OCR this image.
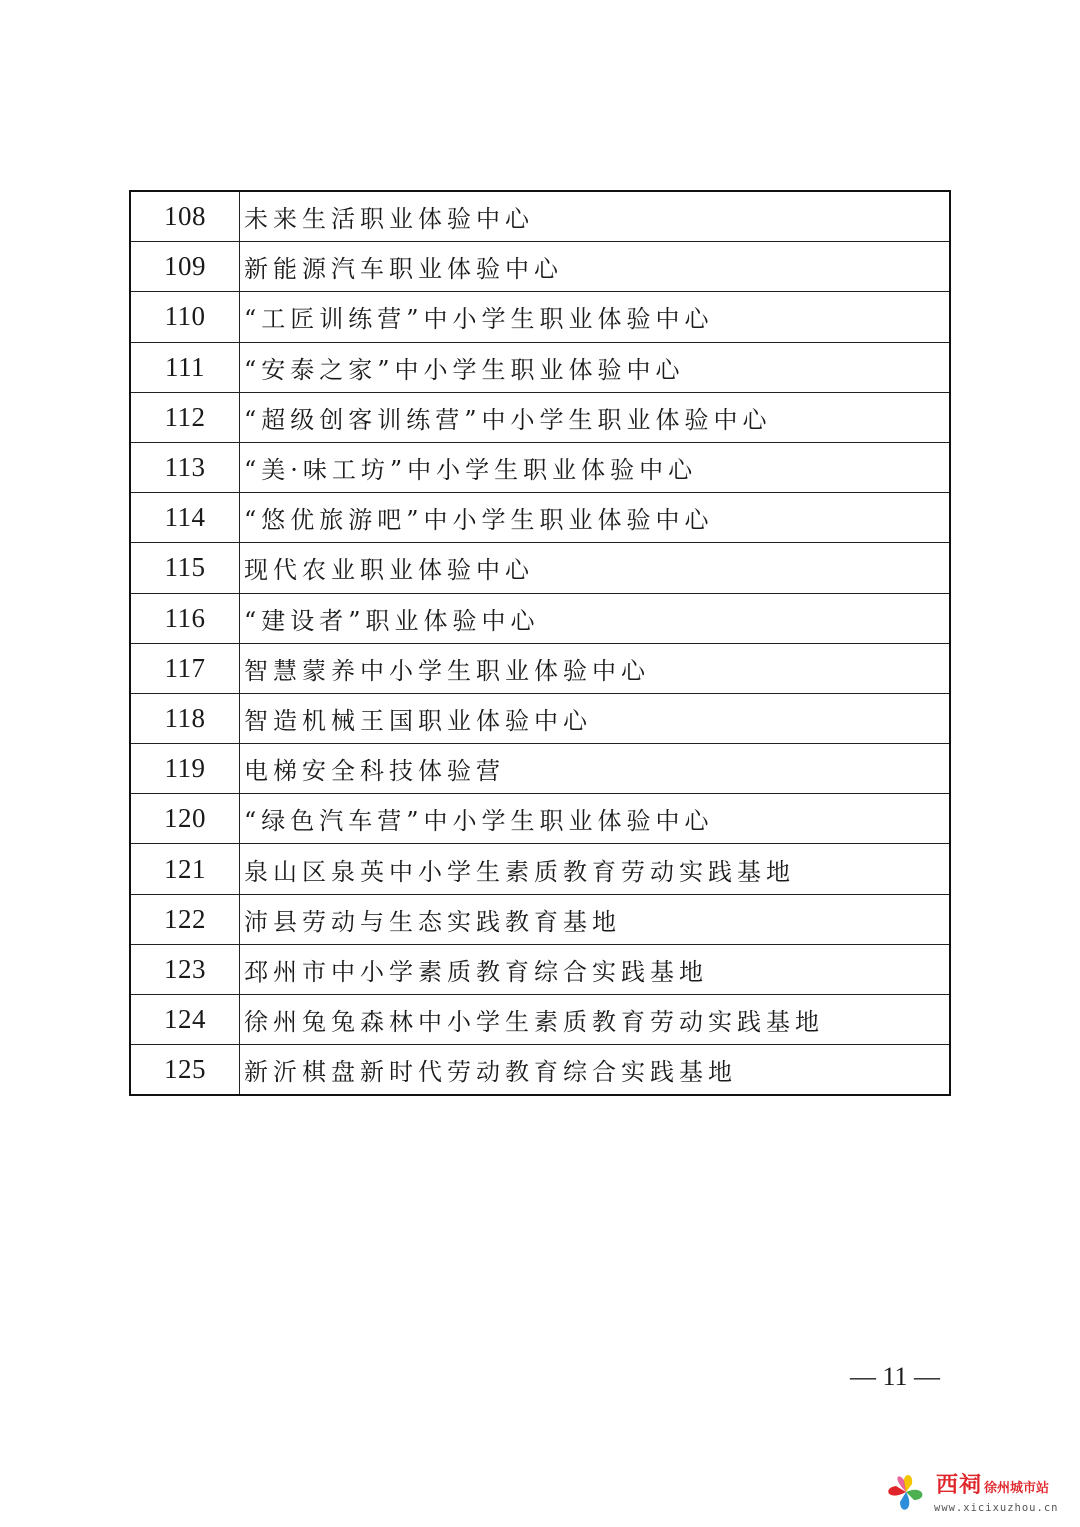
108	未来生活职业体验中心
109	新能源汽车职业体验中心
110	“工匠训练营”中小学生职业体验中心
111	“安泰之家”中小学生职业体验中心
112	“超级创客训练营”中小学生职业体验中心
113	“美·味工坊”中小学生职业体验中心
114	“悠优旅游吧”中小学生职业体验中心
115	现代农业职业体验中心
116	“建设者”职业体验中心
117	智慧蒙养中小学生职业体验中心
118	智造机械王国职业体验中心
119	电梯安全科技体验营
120	“绿色汽车营”中小学生职业体验中心
121	泉山区泉英中小学生素质教育劳动实践基地
122	沛县劳动与生态实践教育基地
123	邳州市中小学素质教育综合实践基地
124	徐州兔兔森林中小学生素质教育劳动实践基地
125	新沂棋盘新时代劳动教育综合实践基地
— 11 —
西祠 徐州城市站
www.xicixuzhou.cn
